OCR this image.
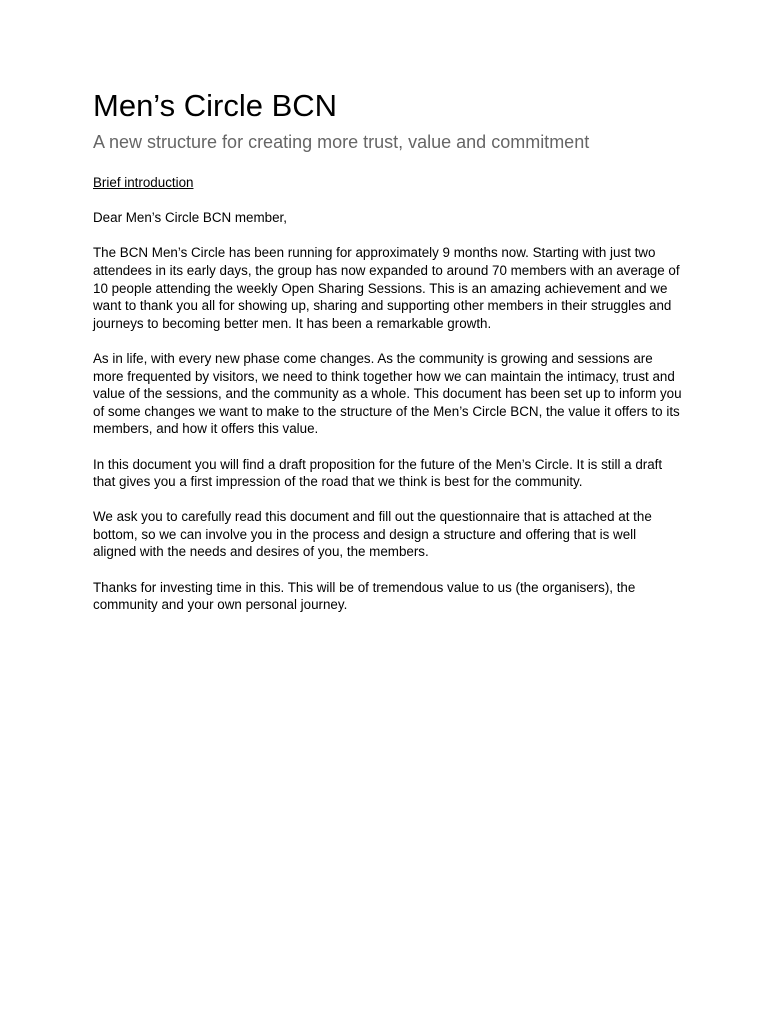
Men’s Circle BCN
A new structure for creating more trust, value and commitment

Brief introduction

Dear Men’s Circle BCN member,

The BCN Men’s Circle has been running for approximately 9 months now. Starting with just two attendees in its early days, the group has now expanded to around 70 members with an average of 10 people attending the weekly Open Sharing Sessions. This is an amazing achievement and we want to thank you all for showing up, sharing and supporting other members in their struggles and journeys to becoming better men. It has been a remarkable growth.

As in life, with every new phase come changes. As the community is growing and sessions are more frequented by visitors, we need to think together how we can maintain the intimacy, trust and value of the sessions, and the community as a whole. This document has been set up to inform you of some changes we want to make to the structure of the Men’s Circle BCN, the value it offers to its members, and how it offers this value.

In this document you will find a draft proposition for the future of the Men’s Circle. It is still a draft that gives you a first impression of the road that we think is best for the community.

We ask you to carefully read this document and fill out the questionnaire that is attached at the bottom, so we can involve you in the process and design a structure and offering that is well aligned with the needs and desires of you, the members.

Thanks for investing time in this. This will be of tremendous value to us (the organisers), the community and your own personal journey.
